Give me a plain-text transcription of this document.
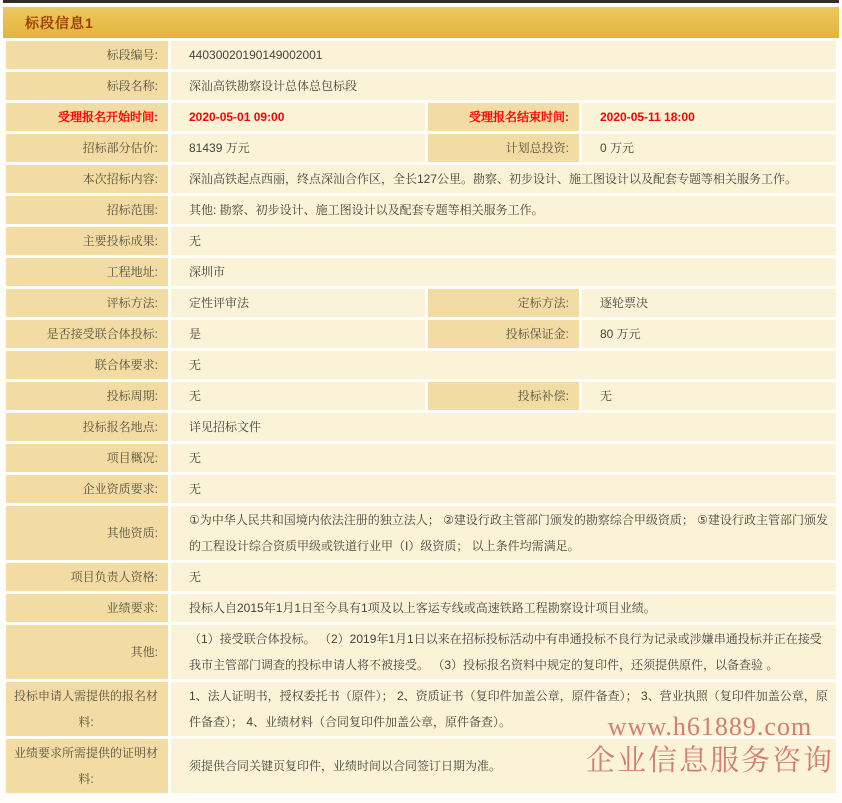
标段信息1
标段编号:	44030020190149002001		
标段名称:	深汕高铁勘察设计总体总包标段		
受理报名开始时间:	2020-05-01 09:00	受理报名结束时间:	2020-05-11 18:00
招标部分估价:	81439 万元	计划总投资:	0 万元
本次招标内容:	深汕高铁起点西丽，终点深汕合作区，全长127公里。勘察、初步设计、施工图设计以及配套专题等相关服务工作。		
招标范围:	其他: 勘察、初步设计、施工图设计以及配套专题等相关服务工作。		
主要投标成果:	无		
工程地址:	深圳市		
评标方法:	定性评审法	定标方法:	逐轮票决
是否接受联合体投标:	是	投标保证金:	80 万元
联合体要求:	无		
投标周期:	无	投标补偿:	无
投标报名地点:	详见招标文件		
项目概况:	无		
企业资质要求:	无		
其他资质:	①为中华人民共和国境内依法注册的独立法人； ②建设行政主管部门颁发的勘察综合甲级资质； ⑤建设行政主管部门颁发的工程设计综合资质甲级或铁道行业甲（I）级资质； 以上条件均需满足。		
项目负责人资格:	无		
业绩要求:	投标人自2015年1月1日至今具有1项及以上客运专线或高速铁路工程勘察设计项目业绩。		
其他:	（1）接受联合体投标。 （2）2019年1月1日以来在招标投标活动中有串通投标不良行为记录或涉嫌串通投标并正在接受我市主管部门调查的投标申请人将不被接受。 （3）投标报名资料中规定的复印件，还须提供原件，以备查验 。		
投标申请人需提供的报名材料:	1、法人证明书，授权委托书（原件）； 2、资质证书（复印件加盖公章，原件备查）； 3、营业执照（复印件加盖公章，原件备查）； 4、业绩材料（合同复印件加盖公章，原件备查）。		
业绩要求所需提供的证明材料:	须提供合同关键页复印件，业绩时间以合同签订日期为准。		
www.h61889.com
企业信息服务咨询
